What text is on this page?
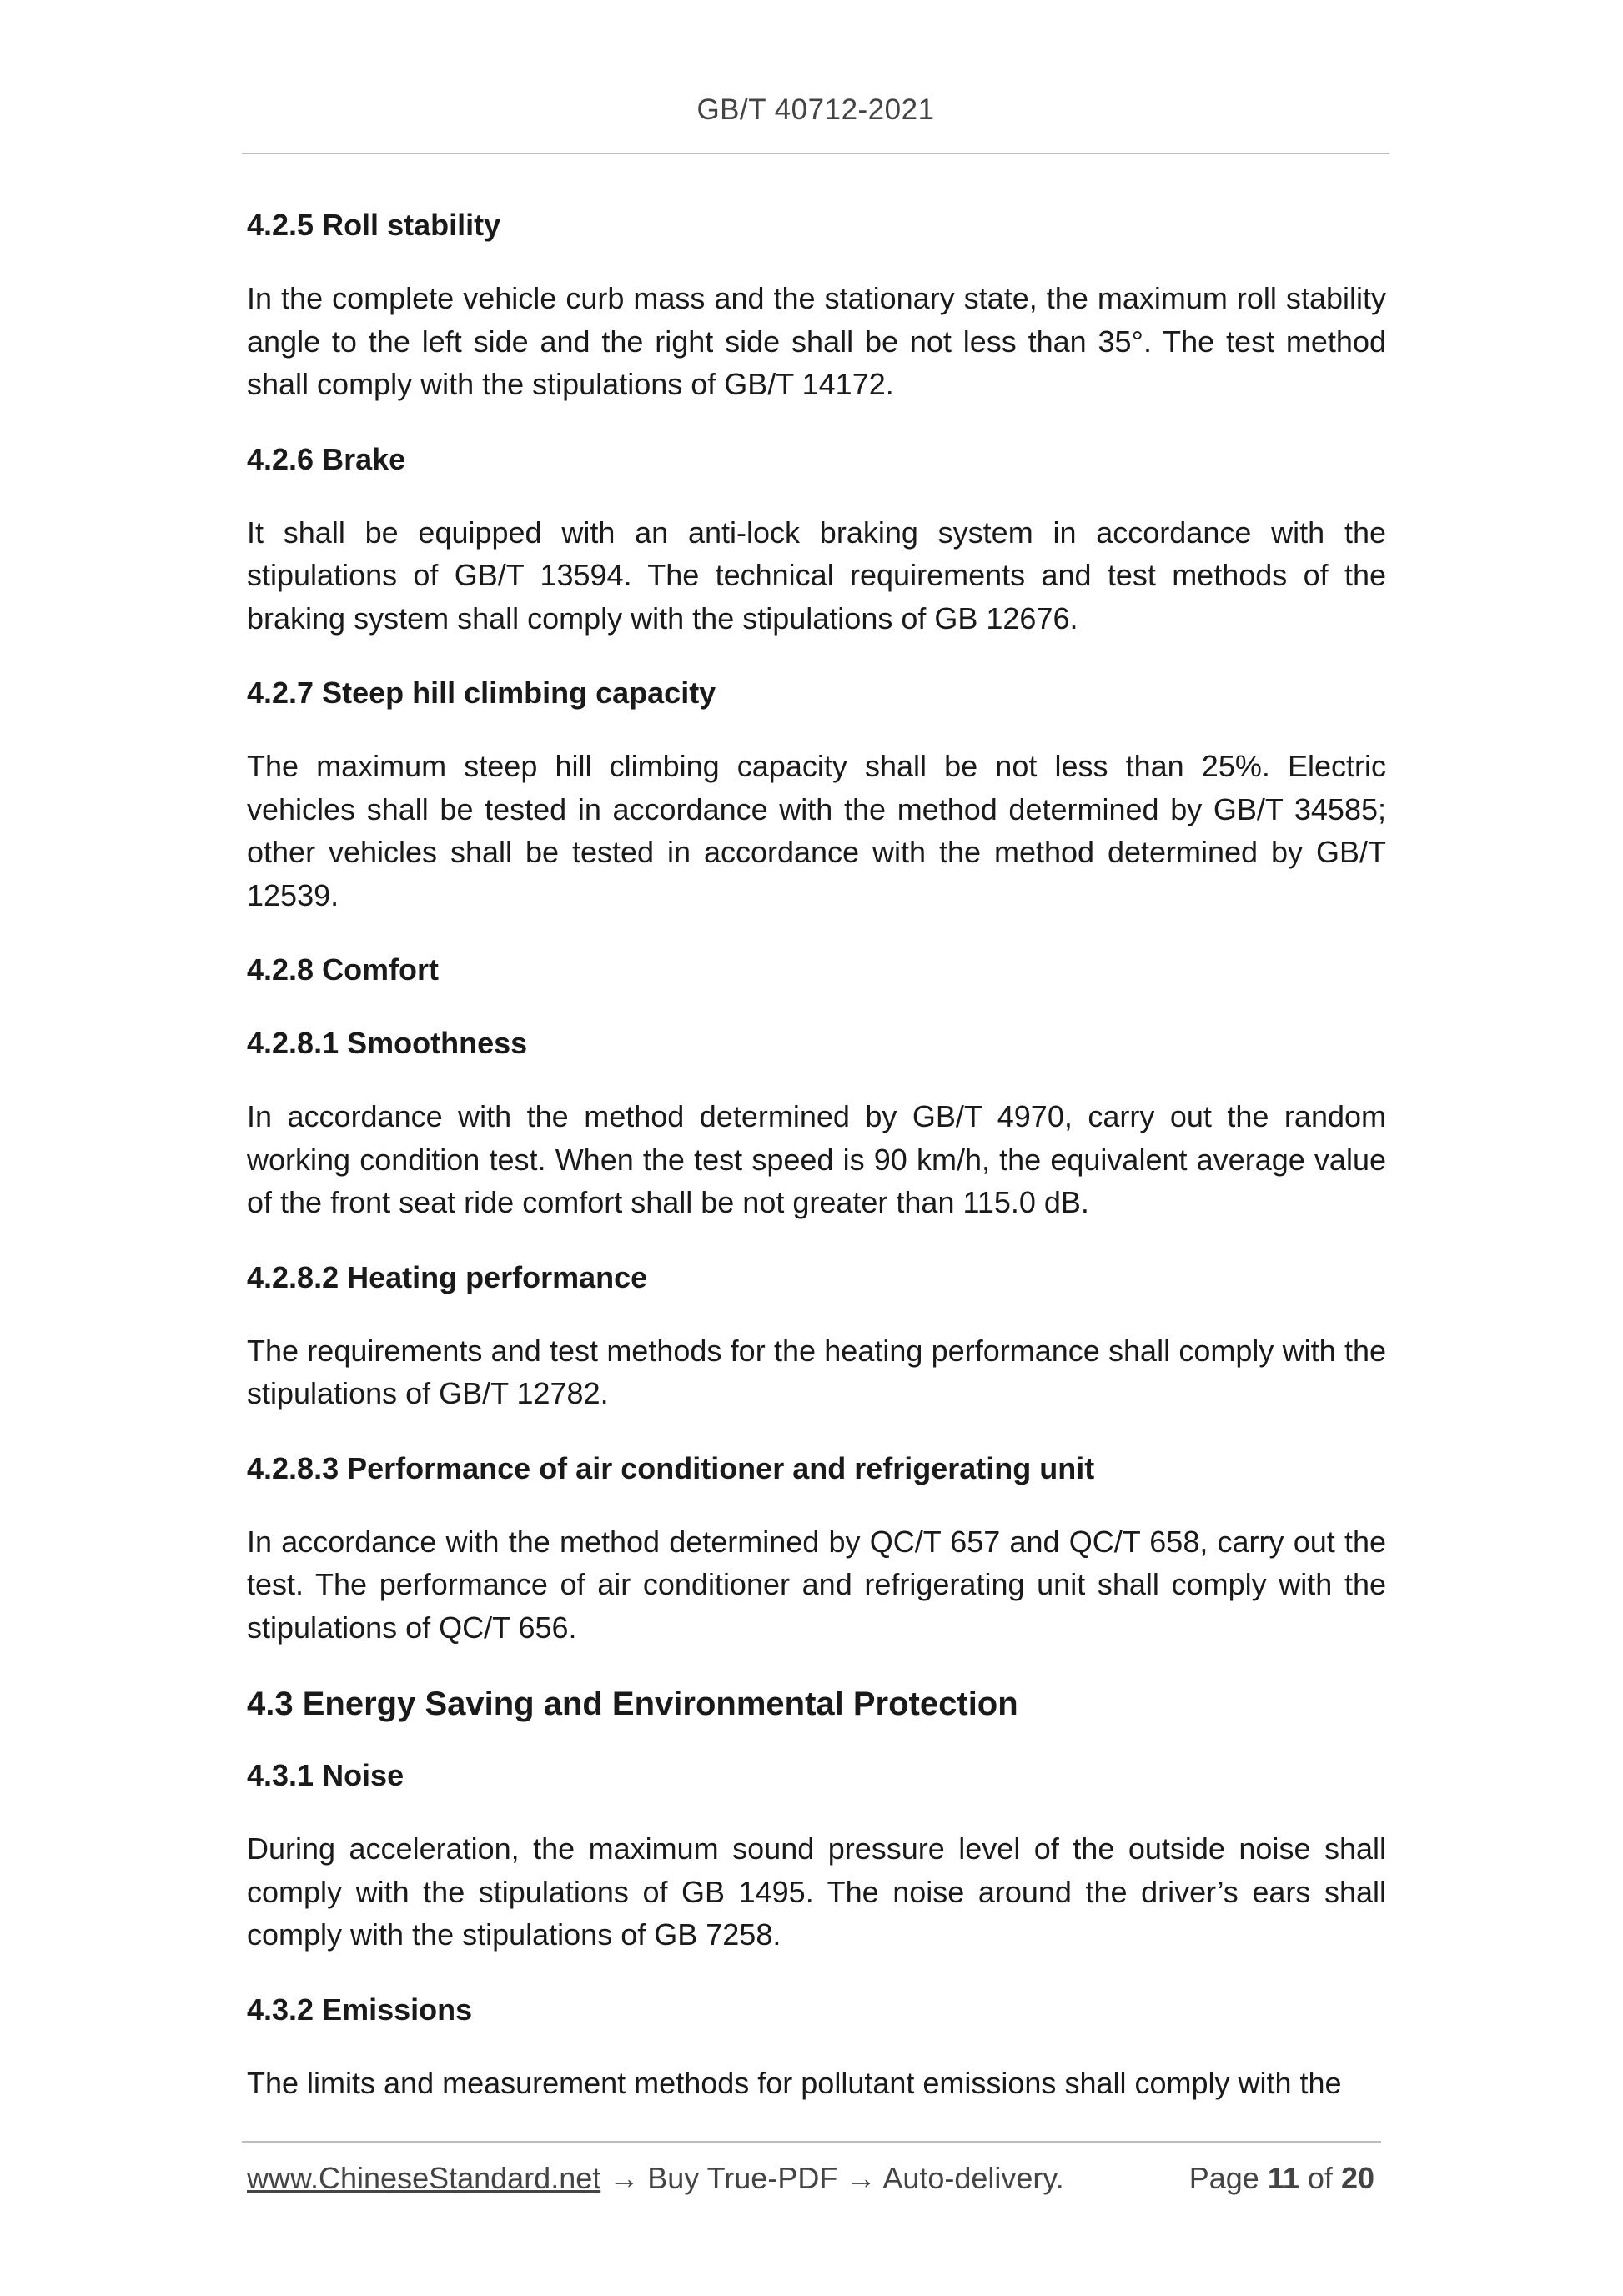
GB/T 40712-2021
4.2.5 Roll stability
In the complete vehicle curb mass and the stationary state, the maximum roll stability angle to the left side and the right side shall be not less than 35°. The test method shall comply with the stipulations of GB/T 14172.
4.2.6 Brake
It shall be equipped with an anti-lock braking system in accordance with the stipulations of GB/T 13594. The technical requirements and test methods of the braking system shall comply with the stipulations of GB 12676.
4.2.7 Steep hill climbing capacity
The maximum steep hill climbing capacity shall be not less than 25%. Electric vehicles shall be tested in accordance with the method determined by GB/T 34585; other vehicles shall be tested in accordance with the method determined by GB/T 12539.
4.2.8 Comfort
4.2.8.1 Smoothness
In accordance with the method determined by GB/T 4970, carry out the random working condition test. When the test speed is 90 km/h, the equivalent average value of the front seat ride comfort shall be not greater than 115.0 dB.
4.2.8.2 Heating performance
The requirements and test methods for the heating performance shall comply with the stipulations of GB/T 12782.
4.2.8.3 Performance of air conditioner and refrigerating unit
In accordance with the method determined by QC/T 657 and QC/T 658, carry out the test. The performance of air conditioner and refrigerating unit shall comply with the stipulations of QC/T 656.
4.3 Energy Saving and Environmental Protection
4.3.1 Noise
During acceleration, the maximum sound pressure level of the outside noise shall comply with the stipulations of GB 1495. The noise around the driver’s ears shall comply with the stipulations of GB 7258.
4.3.2 Emissions
The limits and measurement methods for pollutant emissions shall comply with the
www.ChineseStandard.net → Buy True-PDF → Auto-delivery.	Page 11 of 20
